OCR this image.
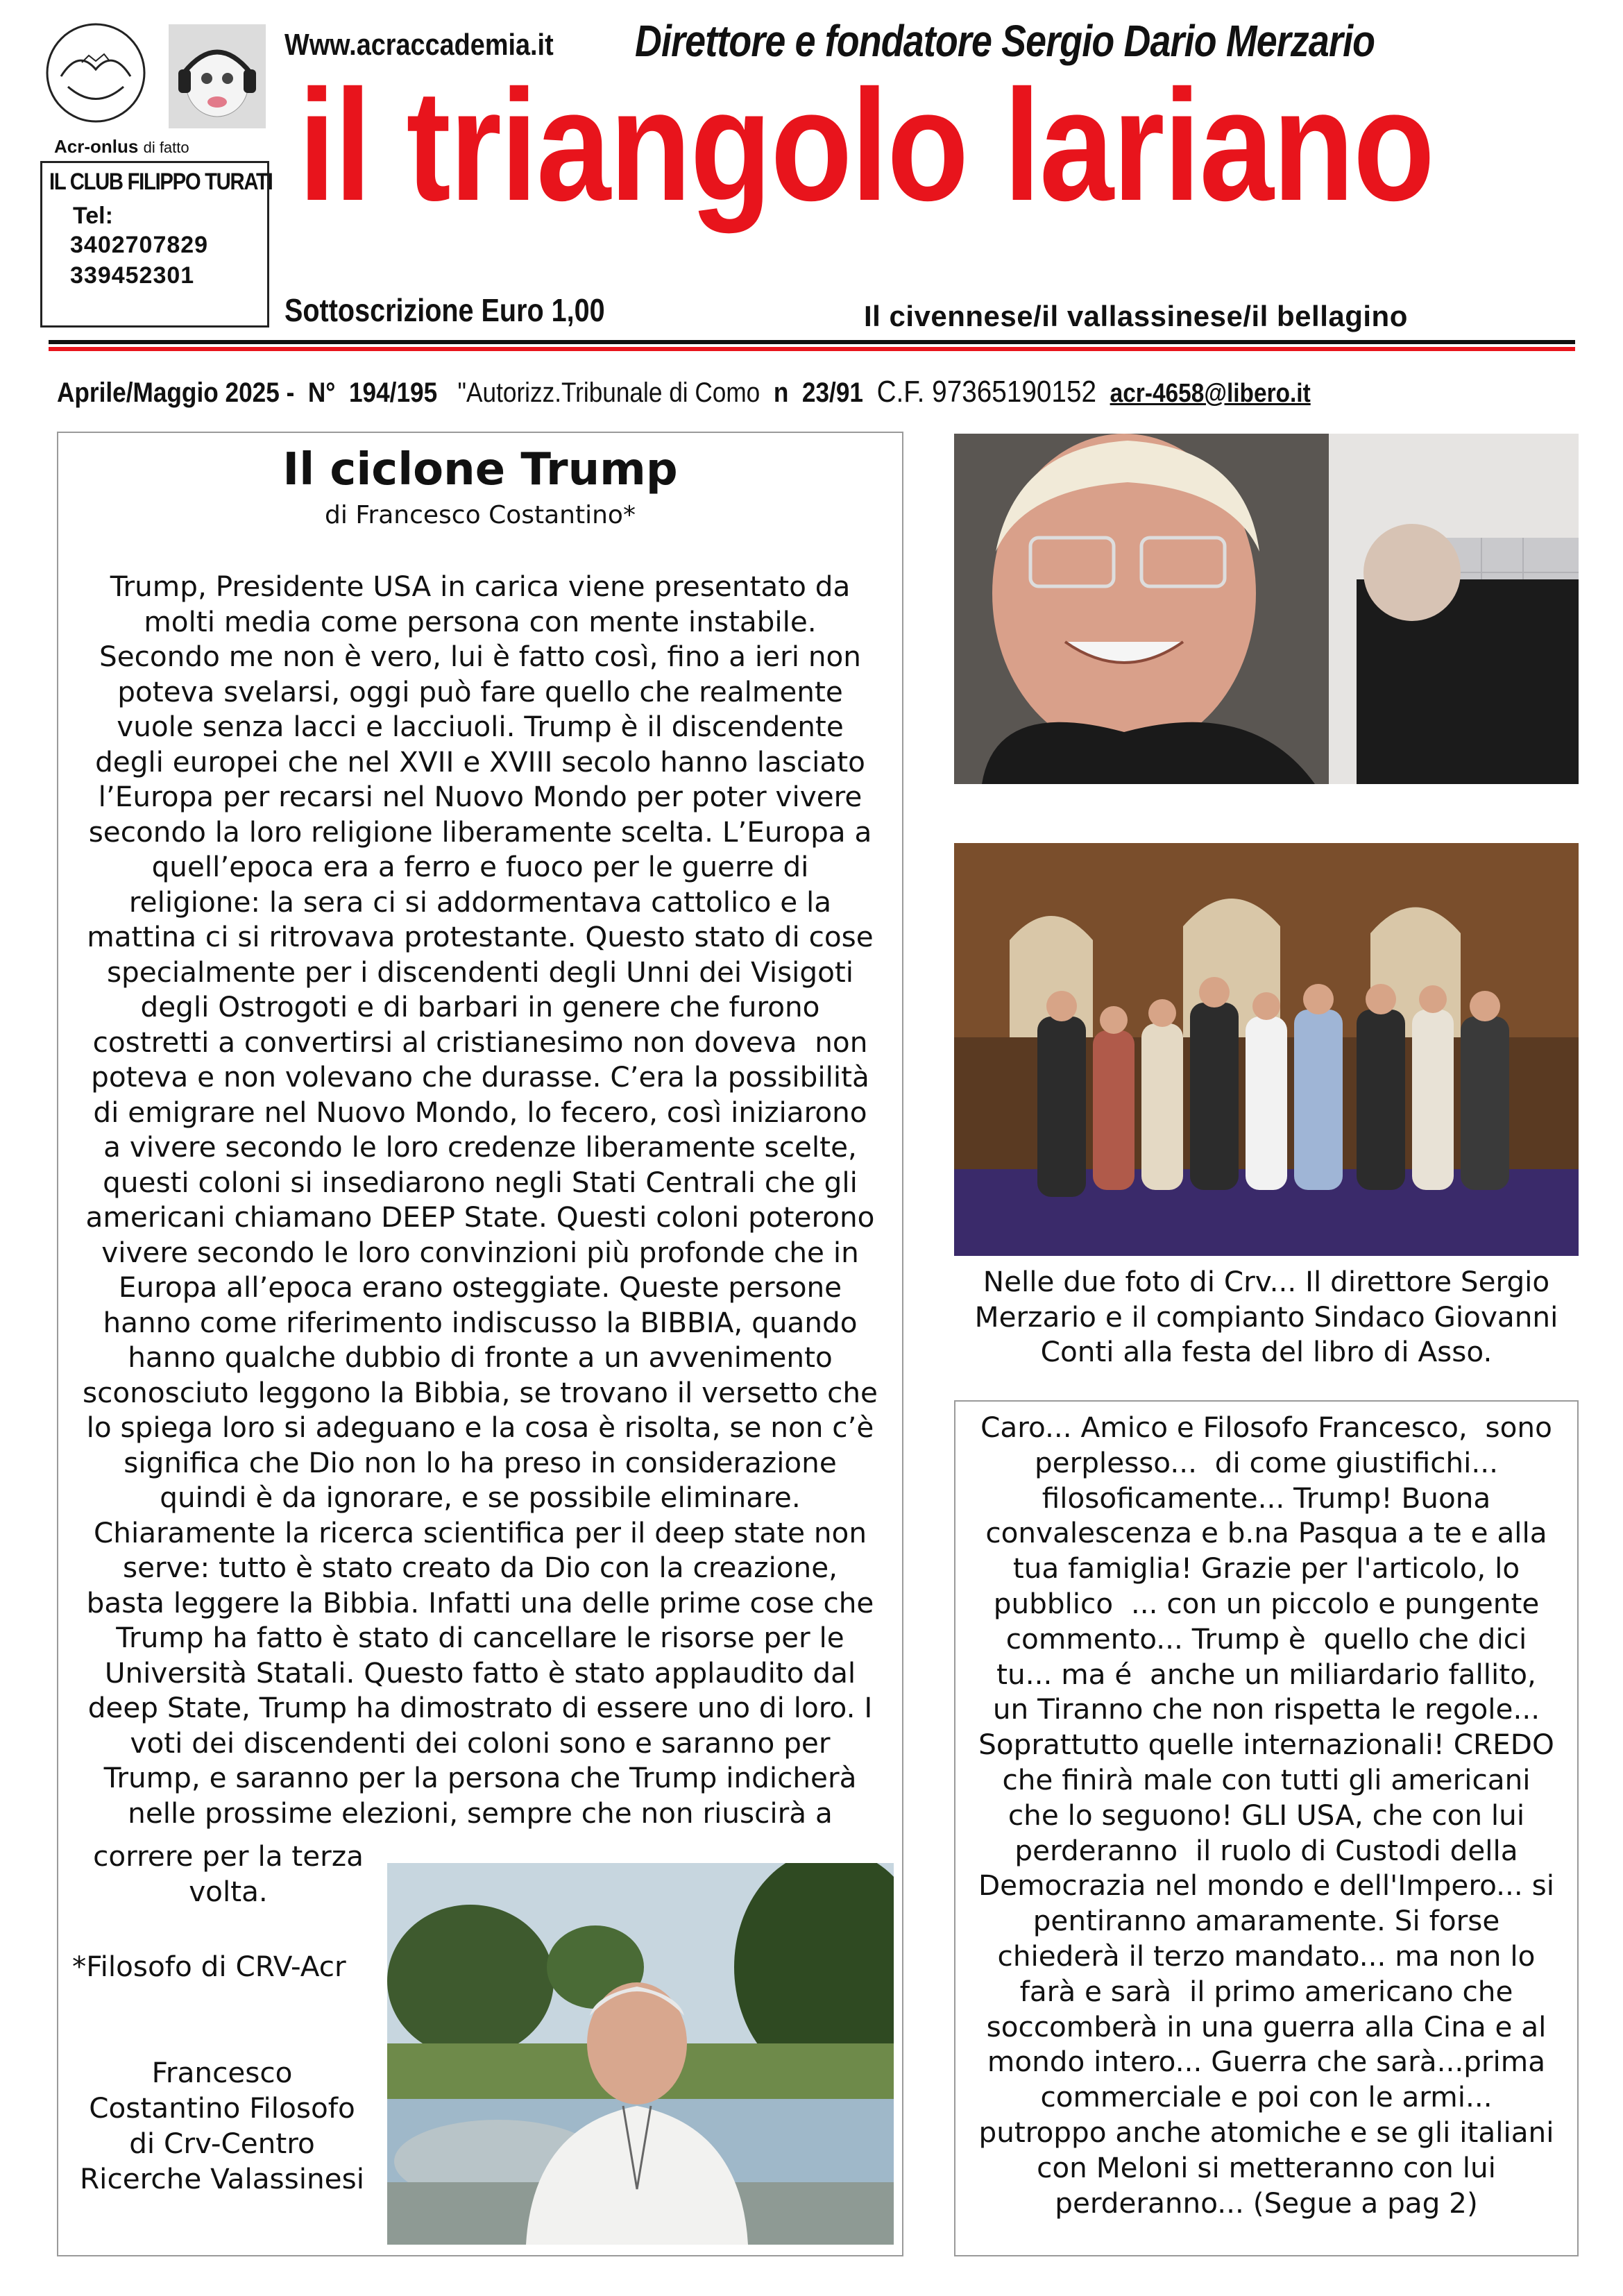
Acr-onlus di fatto
IL CLUB FILIPPO TURATI
Tel:
3402707829
339452301
Www.acraccademia.it Direttore e fondatore Sergio Dario Merzario
il triangolo lariano
Sottoscrizione Euro 1,00	Il civennese/il vallassinese/il bellagino
Aprile/Maggio 2025 - N° 194/195 "Autorizz.Tribunale di Como n 23/91 C.F. 97365190152 acr-4658@libero.it
Il ciclone Trump
di Francesco Costantino*
Trump, Presidente USA in carica viene presentato da
molti media come persona con mente instabile.
Secondo me non è vero, lui è fatto così, fino a ieri non
poteva svelarsi, oggi può fare quello che realmente
vuole senza lacci e lacciuoli. Trump è il discendente
degli europei che nel XVII e XVIII secolo hanno lasciato
l’Europa per recarsi nel Nuovo Mondo per poter vivere
secondo la loro religione liberamente scelta. L’Europa a
quell’epoca era a ferro e fuoco per le guerre di
religione: la sera ci si addormentava cattolico e la
mattina ci si ritrovava protestante. Questo stato di cose
specialmente per i discendenti degli Unni dei Visigoti
degli Ostrogoti e di barbari in genere che furono
costretti a convertirsi al cristianesimo non doveva  non
poteva e non volevano che durasse. C’era la possibilità
di emigrare nel Nuovo Mondo, lo fecero, così iniziarono
a vivere secondo le loro credenze liberamente scelte,
questi coloni si insediarono negli Stati Centrali che gli
americani chiamano DEEP State. Questi coloni poterono
vivere secondo le loro convinzioni più profonde che in
Europa all’epoca erano osteggiate. Queste persone
hanno come riferimento indiscusso la BIBBIA, quando
hanno qualche dubbio di fronte a un avvenimento
sconosciuto leggono la Bibbia, se trovano il versetto che
lo spiega loro si adeguano e la cosa è risolta, se non c’è
significa che Dio non lo ha preso in considerazione
quindi è da ignorare, e se possibile eliminare.
Chiaramente la ricerca scientifica per il deep state non
serve: tutto è stato creato da Dio con la creazione,
basta leggere la Bibbia. Infatti una delle prime cose che
Trump ha fatto è stato di cancellare le risorse per le
Università Statali. Questo fatto è stato applaudito dal
deep State, Trump ha dimostrato di essere uno di loro. I
voti dei discendenti dei coloni sono e saranno per
Trump, e saranno per la persona che Trump indicherà
nelle prossime elezioni, sempre che non riuscirà a
correre per la terza
volta.
*Filosofo di CRV-Acr
Francesco
Costantino Filosofo
di Crv-Centro
Ricerche Valassinesi
Nelle due foto di Crv... Il direttore Sergio
Merzario e il compianto Sindaco Giovanni
Conti alla festa del libro di Asso.
Caro... Amico e Filosofo Francesco,  sono
perplesso...  di come giustifichi...
filosoficamente... Trump! Buona
convalescenza e b.na Pasqua a te e alla
tua famiglia! Grazie per l'articolo, lo
pubblico  ... con un piccolo e pungente
commento... Trump è  quello che dici
tu... ma é  anche un miliardario fallito,
un Tiranno che non rispetta le regole...
Soprattutto quelle internazionali! CREDO
che finirà male con tutti gli americani
che lo seguono! GLI USA, che con lui
perderanno  il ruolo di Custodi della
Democrazia nel mondo e dell'Impero... si
pentiranno amaramente. Si forse
chiederà il terzo mandato... ma non lo
farà e sarà  il primo americano che
soccomberà in una guerra alla Cina e al
mondo intero... Guerra che sarà...prima
commerciale e poi con le armi...
putroppo anche atomiche e se gli italiani
con Meloni si metteranno con lui
perderanno... (Segue a pag 2)
